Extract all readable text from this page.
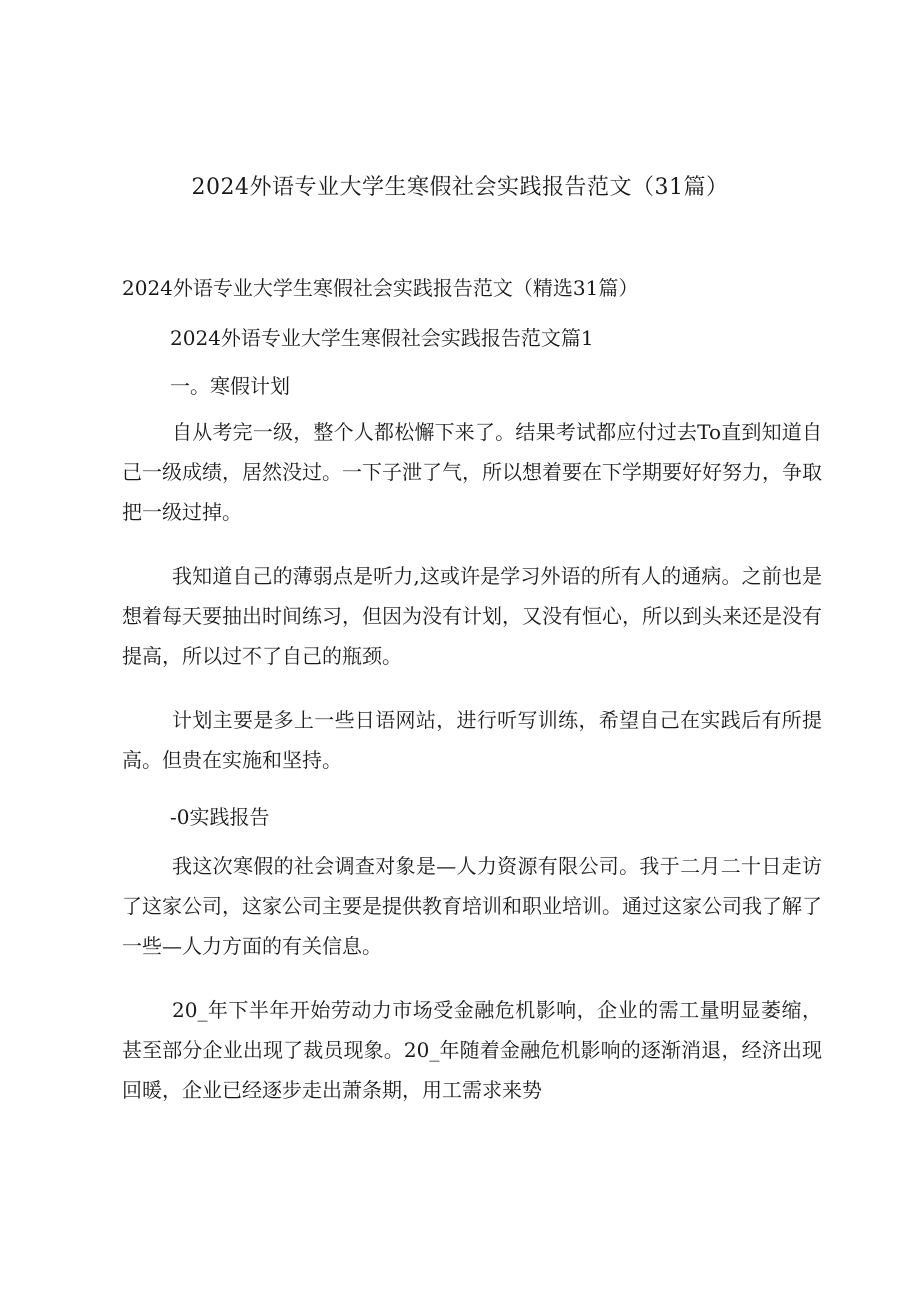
2024外语专业大学生寒假社会实践报告范文（31篇）
2024外语专业大学生寒假社会实践报告范文（精选31篇）
2024外语专业大学生寒假社会实践报告范文篇1
一。寒假计划
自从考完一级，整个人都松懈下来了。结果考试都应付过去To直到知道自己一级成绩，居然没过。一下子泄了气，所以想着要在下学期要好好努力，争取把一级过掉。
我知道自己的薄弱点是听力,这或许是学习外语的所有人的通病。之前也是想着每天要抽出时间练习，但因为没有计划，又没有恒心，所以到头来还是没有提高，所以过不了自己的瓶颈。
计划主要是多上一些日语网站，进行听写训练，希望自己在实践后有所提高。但贵在实施和坚持。
-0实践报告
我这次寒假的社会调查对象是—人力资源有限公司。我于二月二十日走访了这家公司，这家公司主要是提供教育培训和职业培训。通过这家公司我了解了一些—人力方面的有关信息。
20_年下半年开始劳动力市场受金融危机影响，企业的需工量明显萎缩，甚至部分企业出现了裁员现象。20_年随着金融危机影响的逐渐消退，经济出现回暖，企业已经逐步走出萧条期，用工需求来势
